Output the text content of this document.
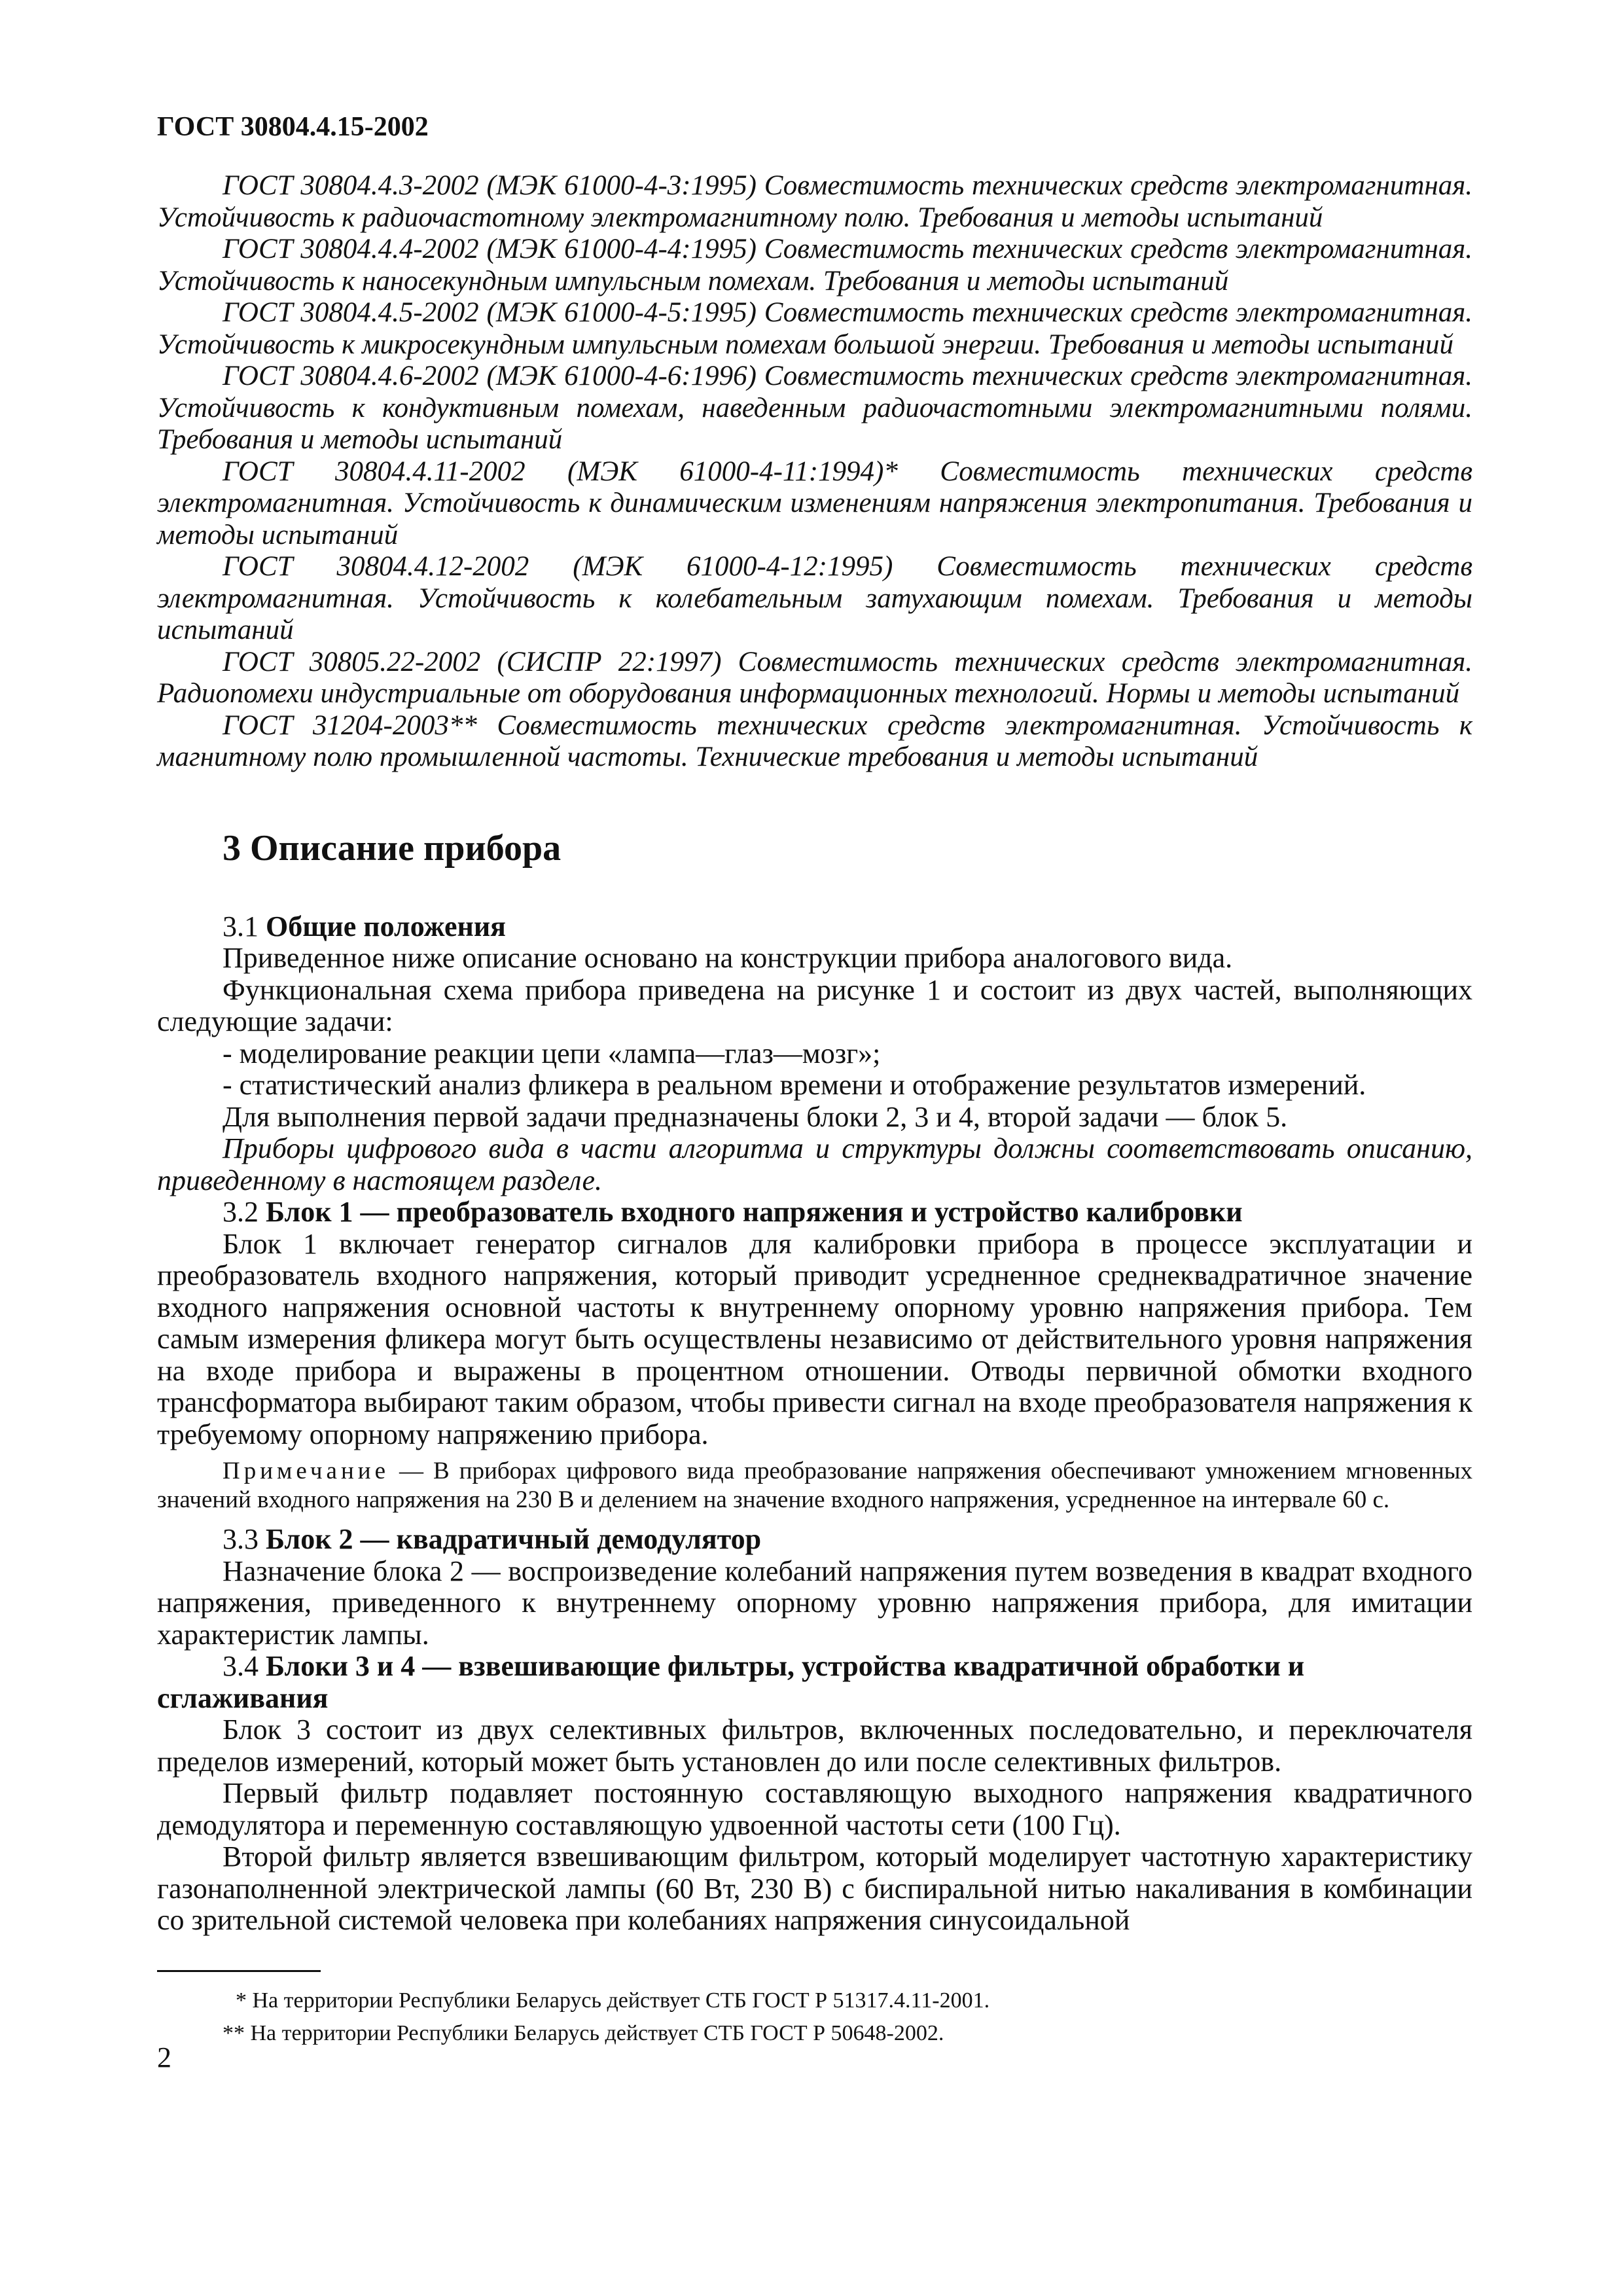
ГОСТ 30804.4.15-2002

ГОСТ 30804.4.3-2002 (МЭК 61000-4-3:1995) Совместимость технических средств электромагнитная. Устойчивость к радиочастотному электромагнитному полю. Требования и методы испытаний

ГОСТ 30804.4.4-2002 (МЭК 61000-4-4:1995) Совместимость технических средств электромагнитная. Устойчивость к наносекундным импульсным помехам. Требования и методы испытаний

ГОСТ 30804.4.5-2002 (МЭК 61000-4-5:1995) Совместимость технических средств электромагнитная. Устойчивость к микросекундным импульсным помехам большой энергии. Требования и методы испытаний

ГОСТ 30804.4.6-2002 (МЭК 61000-4-6:1996) Совместимость технических средств электромагнитная. Устойчивость к кондуктивным помехам, наведенным радиочастотными электромагнитными полями. Требования и методы испытаний

ГОСТ 30804.4.11-2002 (МЭК 61000-4-11:1994)* Совместимость технических средств электромагнитная. Устойчивость к динамическим изменениям напряжения электропитания. Требования и методы испытаний

ГОСТ 30804.4.12-2002 (МЭК 61000-4-12:1995) Совместимость технических средств электромагнитная. Устойчивость к колебательным затухающим помехам. Требования и методы испытаний

ГОСТ 30805.22-2002 (СИСПР 22:1997) Совместимость технических средств электромагнитная. Радиопомехи индустриальные от оборудования информационных технологий. Нормы и методы испытаний

ГОСТ 31204-2003** Совместимость технических средств электромагнитная. Устойчивость к магнитному полю промышленной частоты. Технические требования и методы испытаний

3 Описание прибора

3.1 Общие положения

Приведенное ниже описание основано на конструкции прибора аналогового вида.

Функциональная схема прибора приведена на рисунке 1 и состоит из двух частей, выполняющих следующие задачи:

- моделирование реакции цепи «лампа—глаз—мозг»;

- статистический анализ фликера в реальном времени и отображение результатов измерений.

Для выполнения первой задачи предназначены блоки 2, 3 и 4, второй задачи — блок 5.

Приборы цифрового вида в части алгоритма и структуры должны соответствовать описанию, приведенному в настоящем разделе.

3.2 Блок 1 — преобразователь входного напряжения и устройство калибровки

Блок 1 включает генератор сигналов для калибровки прибора в процессе эксплуатации и преобразователь входного напряжения, который приводит усредненное среднеквадратичное значение входного напряжения основной частоты к внутреннему опорному уровню напряжения прибора. Тем самым измерения фликера могут быть осуществлены независимо от действительного уровня напряжения на входе прибора и выражены в процентном отношении. Отводы первичной обмотки входного трансформатора выбирают таким образом, чтобы привести сигнал на входе преобразователя напряжения к требуемому опорному напряжению прибора.

Примечание — В приборах цифрового вида преобразование напряжения обеспечивают умножением мгновенных значений входного напряжения на 230 В и делением на значение входного напряжения, усредненное на интервале 60 с.

3.3 Блок 2 — квадратичный демодулятор

Назначение блока 2 — воспроизведение колебаний напряжения путем возведения в квадрат входного напряжения, приведенного к внутреннему опорному уровню напряжения прибора, для имитации характеристик лампы.

3.4 Блоки 3 и 4 — взвешивающие фильтры, устройства квадратичной обработки и сглаживания

Блок 3 состоит из двух селективных фильтров, включенных последовательно, и переключателя пределов измерений, который может быть установлен до или после селективных фильтров.

Первый фильтр подавляет постоянную составляющую выходного напряжения квадратичного демодулятора и переменную составляющую удвоенной частоты сети (100 Гц).

Второй фильтр является взвешивающим фильтром, который моделирует частотную характеристику газонаполненной электрической лампы (60 Вт, 230 В) с биспиральной нитью накаливания в комбинации со зрительной системой человека при колебаниях напряжения синусоидальной

* На территории Республики Беларусь действует СТБ ГОСТ Р 51317.4.11-2001.
** На территории Республики Беларусь действует СТБ ГОСТ Р 50648-2002.
2
